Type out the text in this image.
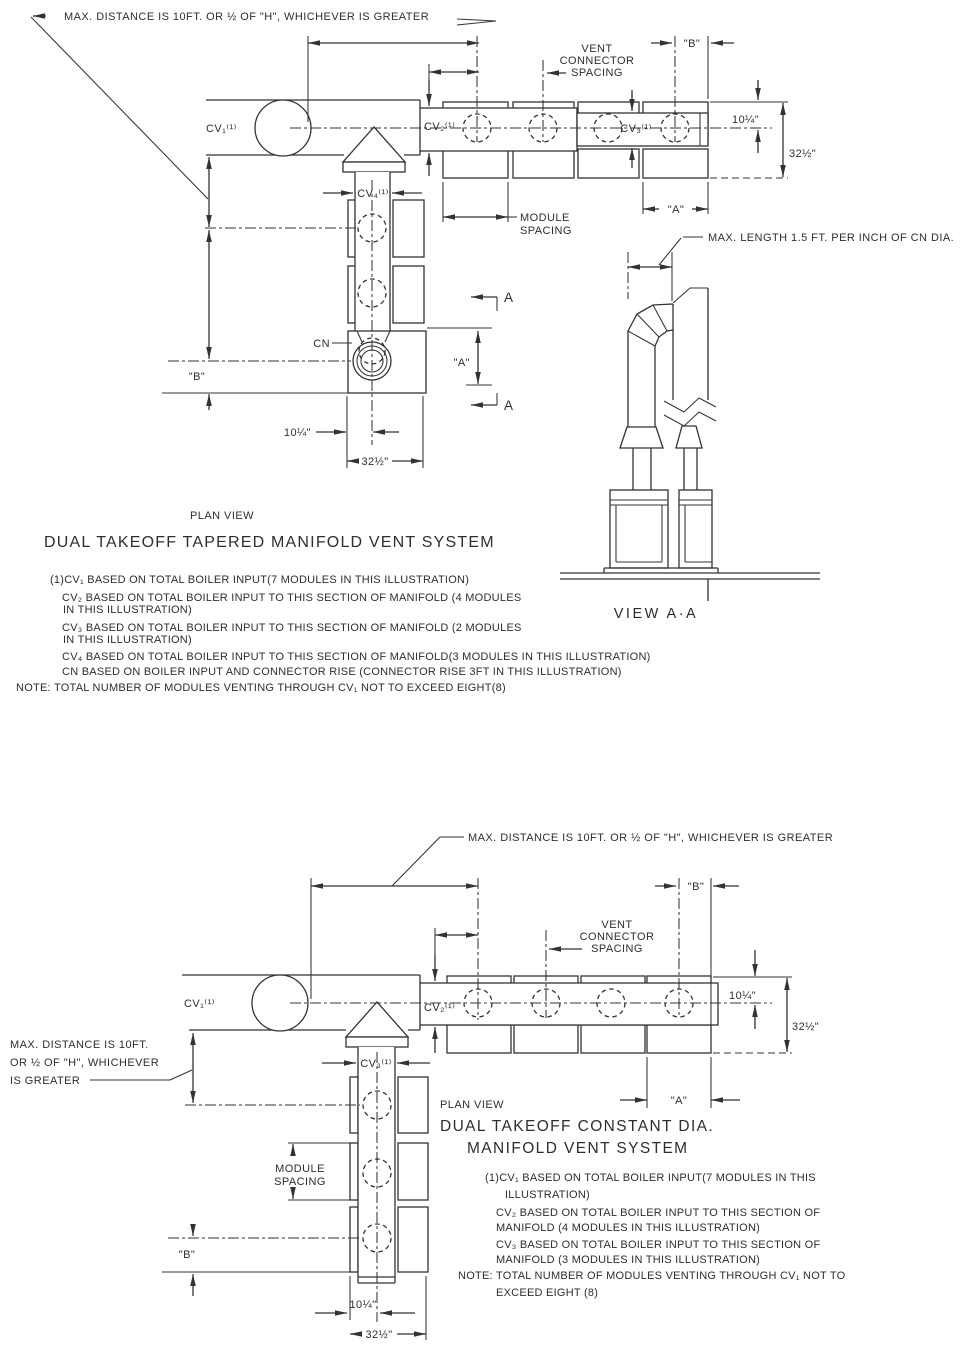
MAX. DISTANCE IS 10FT. OR ½ OF "H", WHICHEVER IS GREATER
VENT
CONNECTOR
SPACING
"B"
10¼"
32½"
MODULE
SPACING
"A"
"B"
CV₁⁽¹⁾	CV₂⁽¹⁾	CV₃⁽¹⁾
CV₄⁽¹⁾
CN
A
A
"A"
10¼"
32½"
PLAN VIEW
DUAL TAKEOFF TAPERED MANIFOLD VENT SYSTEM
(1)CV₁ BASED ON TOTAL BOILER INPUT(7 MODULES IN THIS ILLUSTRATION)
CV₂ BASED ON TOTAL BOILER INPUT TO THIS SECTION OF MANIFOLD (4 MODULES
IN THIS ILLUSTRATION)
CV₃ BASED ON TOTAL BOILER INPUT TO THIS SECTION OF MANIFOLD (2 MODULES
IN THIS ILLUSTRATION)
CV₄ BASED ON TOTAL BOILER INPUT TO THIS SECTION OF MANIFOLD(3 MODULES IN THIS ILLUSTRATION)
CN BASED ON BOILER INPUT AND CONNECTOR RISE (CONNECTOR RISE 3FT IN THIS ILLUSTRATION)
NOTE: TOTAL NUMBER OF MODULES VENTING THROUGH CV₁ NOT TO EXCEED EIGHT(8)
MAX. LENGTH 1.5 FT. PER INCH OF CN DIA.
VIEW A·A
MAX. DISTANCE IS 10FT. OR ½ OF "H", WHICHEVER IS GREATER
VENT
CONNECTOR
SPACING
"B"
10¼"
32½"
"A"
MAX. DISTANCE IS 10FT.
OR ½ OF "H", WHICHEVER
IS GREATER
"B"
CV₁⁽¹⁾	CV₂⁽¹⁾
CV₃⁽¹⁾
MODULE
SPACING
10¼"
32½"
PLAN VIEW
DUAL TAKEOFF CONSTANT DIA.
MANIFOLD VENT SYSTEM
(1)CV₁ BASED ON TOTAL BOILER INPUT(7 MODULES IN THIS
ILLUSTRATION)
CV₂ BASED ON TOTAL BOILER INPUT TO THIS SECTION OF
MANIFOLD (4 MODULES IN THIS ILLUSTRATION)
CV₃ BASED ON TOTAL BOILER INPUT TO THIS SECTION OF
MANIFOLD (3 MODULES IN THIS ILLUSTRATION)
NOTE: TOTAL NUMBER OF MODULES VENTING THROUGH CV₁ NOT TO
EXCEED EIGHT (8)
